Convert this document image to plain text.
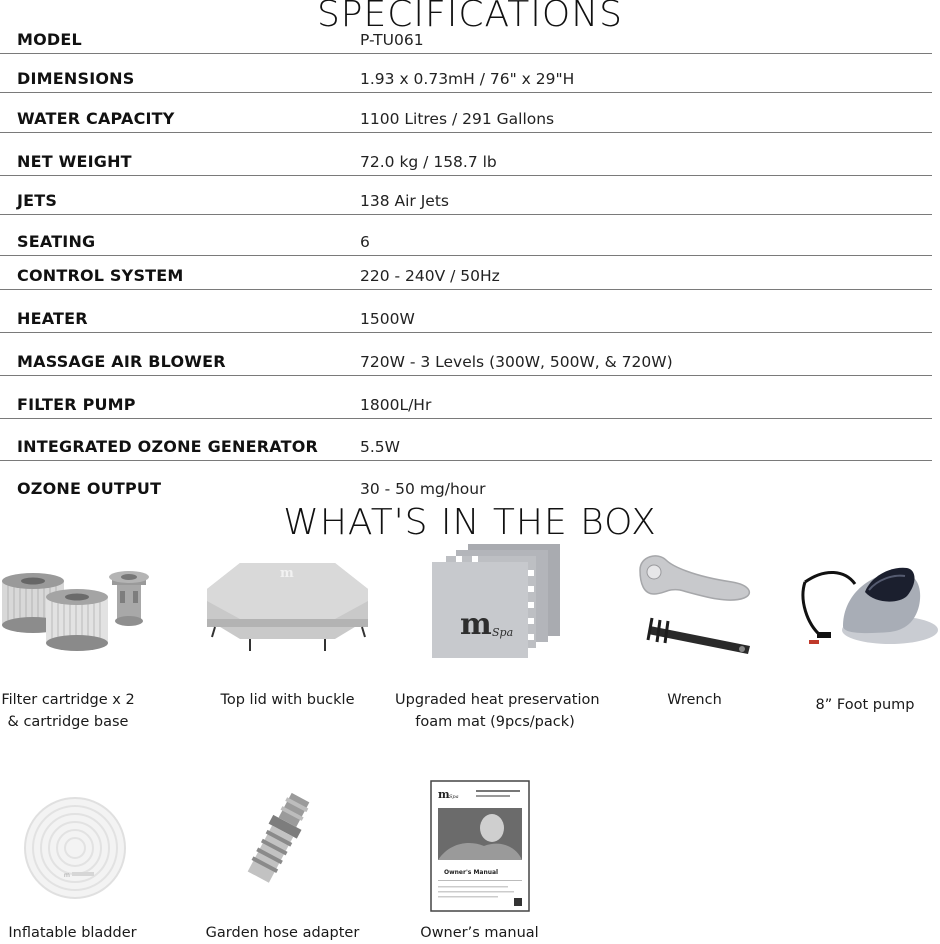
SPECIFICATIONS
MODEL	P-TU061
DIMENSIONS	1.93 x 0.73mH / 76" x 29"H
WATER CAPACITY	1100 Litres / 291 Gallons
NET WEIGHT	72.0 kg / 158.7 lb
JETS	138 Air Jets
SEATING	6
CONTROL SYSTEM	220 - 240V / 50Hz
HEATER	1500W
MASSAGE AIR BLOWER	720W - 3 Levels (300W, 500W, & 720W)
FILTER PUMP	1800L/Hr
INTEGRATED OZONE GENERATOR	5.5W
OZONE OUTPUT	30 - 50 mg/hour
WHAT'S IN THE BOX
Filter cartridge x 2
& cartridge base
m
Top lid with buckle
m Spa
Upgraded heat preservation
foam mat (9pcs/pack)
Wrench	8” Foot pump
m
Inflatable bladder	Garden hose adapter
m Spa
Owner's Manual
Owner’s manual
